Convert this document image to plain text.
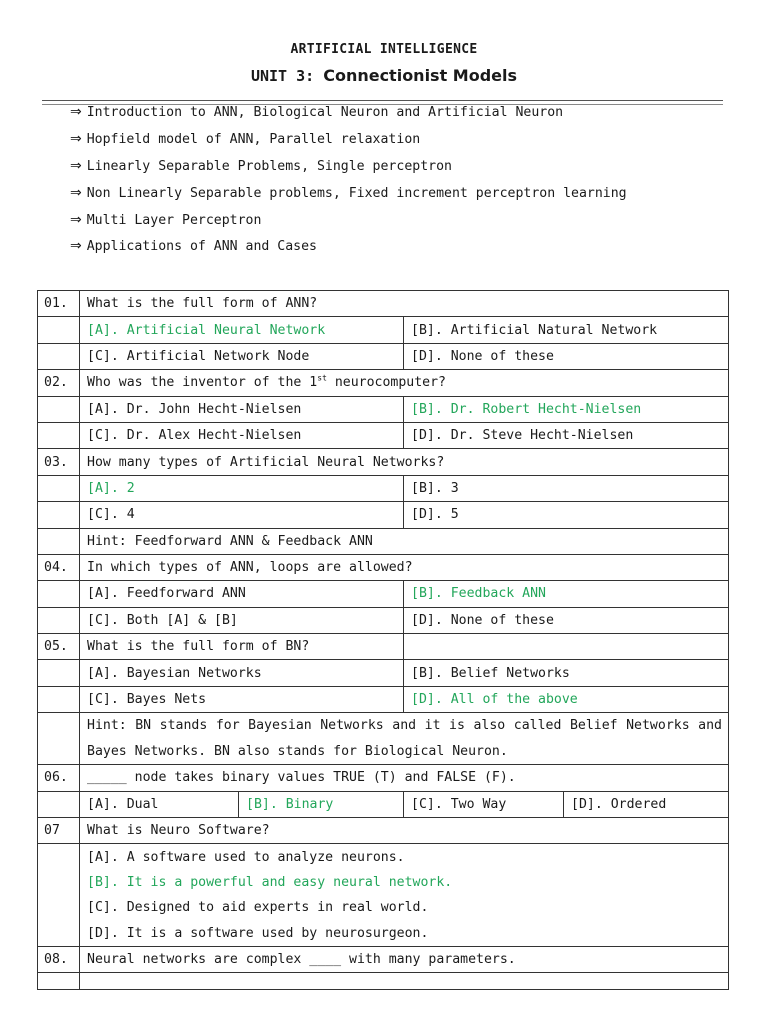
ARTIFICIAL INTELLIGENCE
UNIT 3: Connectionist Models
⇒ Introduction to ANN, Biological Neuron and Artificial Neuron
⇒ Hopfield model of ANN, Parallel relaxation
⇒ Linearly Separable Problems, Single perceptron
⇒ Non Linearly Separable problems, Fixed increment perceptron learning
⇒ Multi Layer Perceptron
⇒ Applications of ANN and Cases
01.	What is the full form of ANN?			
	[A]. Artificial Neural Network		[B]. Artificial Natural Network	
	[C]. Artificial Network Node		[D]. None of these	
02.	Who was the inventor of the 1st neurocomputer?			
	[A]. Dr. John Hecht-Nielsen		[B]. Dr. Robert Hecht-Nielsen	
	[C]. Dr. Alex Hecht-Nielsen		[D]. Dr. Steve Hecht-Nielsen	
03.	How many types of Artificial Neural Networks?			
	[A]. 2		[B]. 3	
	[C]. 4		[D]. 5	
	Hint: Feedforward ANN & Feedback ANN			
04.	In which types of ANN, loops are allowed?			
	[A]. Feedforward ANN		[B]. Feedback ANN	
	[C]. Both [A] & [B]		[D]. None of these	
05.	What is the full form of BN?			
	[A]. Bayesian Networks		[B]. Belief Networks	
	[C]. Bayes Nets		[D]. All of the above	
	Hint: BN stands for Bayesian Networks and it is also called Belief Networks and Bayes Networks. BN also stands for Biological Neuron.			
06.	_____ node takes binary values TRUE (T) and FALSE (F).			
	[A]. Dual	[B]. Binary	[C]. Two Way	[D]. Ordered
07	What is Neuro Software?			
	[A]. A software used to analyze neurons.			
	[B]. It is a powerful and easy neural network.			
	[C]. Designed to aid experts in real world.			
	[D]. It is a software used by neurosurgeon.			
08.	Neural networks are complex ____ with many parameters.			
